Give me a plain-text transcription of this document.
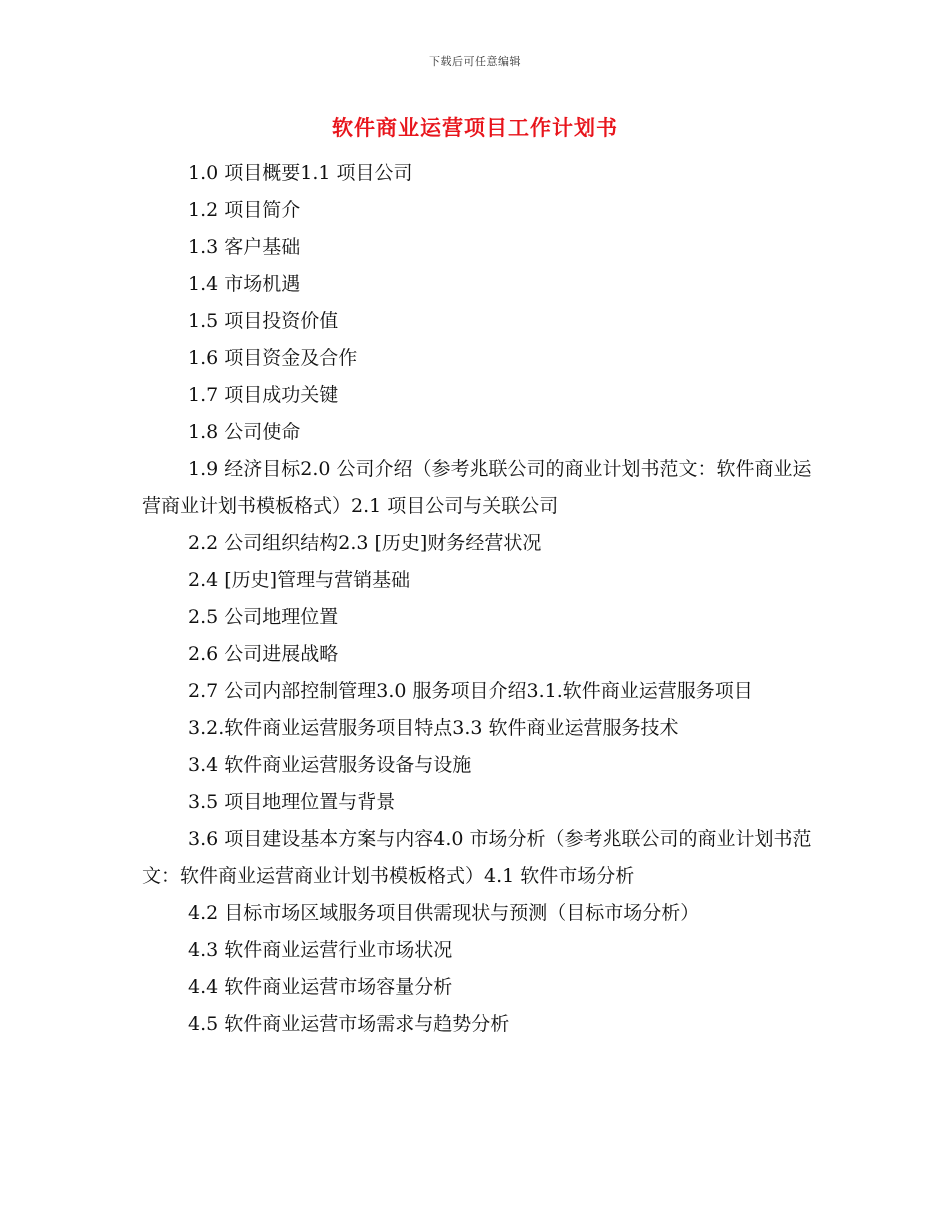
下载后可任意编辑
软件商业运营项目工作计划书

1.0 项目概要1.1 项目公司

1.2 项目简介

1.3 客户基础

1.4 市场机遇

1.5 项目投资价值

1.6 项目资金及合作

1.7 项目成功关键

1.8 公司使命

1.9 经济目标2.0 公司介绍（参考兆联公司的商业计划书范文：软件商业运营商业计划书模板格式）2.1 项目公司与关联公司

2.2 公司组织结构2.3 [历史]财务经营状况

2.4 [历史]管理与营销基础

2.5 公司地理位置

2.6 公司进展战略

2.7 公司内部控制管理3.0 服务项目介绍3.1.软件商业运营服务项目

3.2.软件商业运营服务项目特点3.3 软件商业运营服务技术

3.4 软件商业运营服务设备与设施

3.5 项目地理位置与背景

3.6 项目建设基本方案与内容4.0 市场分析（参考兆联公司的商业计划书范文：软件商业运营商业计划书模板格式）4.1 软件市场分析

4.2 目标市场区域服务项目供需现状与预测（目标市场分析）

4.3 软件商业运营行业市场状况

4.4 软件商业运营市场容量分析

4.5 软件商业运营市场需求与趋势分析
